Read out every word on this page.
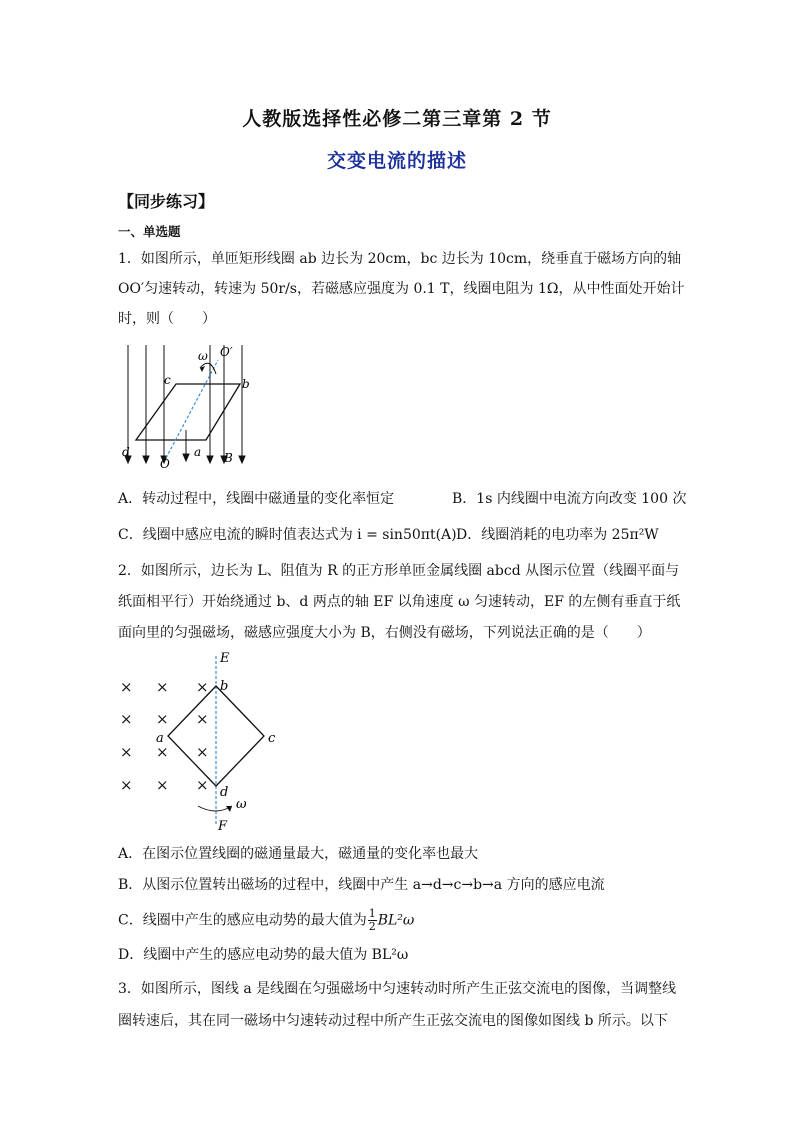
人教版选择性必修二第三章第 2 节
交变电流的描述
【同步练习】
一、单选题
1．如图所示，单匝矩形线圈 ab 边长为 20cm，bc 边长为 10cm，绕垂直于磁场方向的轴
OO′匀速转动，转速为 50r/s，若磁感应强度为 0.1 T，线圈电阻为 1Ω，从中性面处开始计
时，则（　　）
ω O′
c	b
d
O
a B
A．转动过程中，线圈中磁通量的变化率恒定	B．1s 内线圈中电流方向改变 100 次
C．线圈中感应电流的瞬时值表达式为 i = sin50πt(A) D．线圈消耗的电功率为 25π²W
2．如图所示，边长为 L、阻值为 R 的正方形单匝金属线圈 abcd 从图示位置（线圈平面与
纸面相平行）开始绕通过 b、d 两点的轴 EF 以角速度 ω 匀速转动，EF 的左侧有垂直于纸
面向里的匀强磁场，磁感应强度大小为 B，右侧没有磁场，下列说法正确的是（　　）
× × ×
× × ×
× × ×
× × ×
E
b
a	c
d
ω
F
A．在图示位置线圈的磁通量最大，磁通量的变化率也最大
B．从图示位置转出磁场的过程中，线圈中产生 a→d→c→b→a 方向的感应电流
C．线圈中产生的感应电动势的最大值为 $\frac{1}{2} BL^2\omega$
D．线圈中产生的感应电动势的最大值为 BL²ω
3．如图所示，图线 a 是线圈在匀强磁场中匀速转动时所产生正弦交流电的图像，当调整线
圈转速后，其在同一磁场中匀速转动过程中所产生正弦交流电的图像如图线 b 所示。以下
